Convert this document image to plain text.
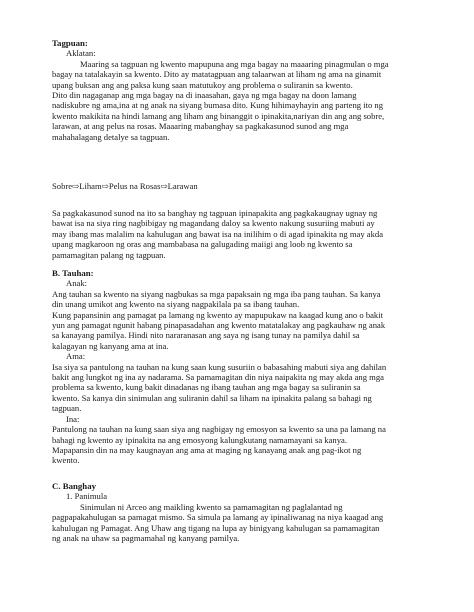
Tagpuan:
Aklatan:
Maaring sa tagpuan ng kwento mapupuna ang mga bagay na maaaring pinagmulan o mga
bagay na tatalakayin sa kwento. Dito ay matatagpuan ang talaarwan at liham ng ama na ginamit
upang buksan ang ang paksa kung saan matutukoy ang problema o suliranin sa kwento.
Dito din nagaganap ang mga bagay na di inaasahan, gaya ng mga bagay na doon lamang
nadiskubre ng ama,ina at ng anak na siyang bumasa dito. Kung hihimayhayin ang parteng ito ng
kwento makikita na hindi lamang ang liham ang binanggit o ipinakita,nariyan din ang ang sobre,
larawan, at ang pelus na rosas. Maaaring mabanghay sa pagkakasunod sunod ang mga
mahahalagang detalye sa tagpuan.
Sobre⇨Liham⇨Pelus na Rosas⇨Larawan
Sa pagkakasunod sunod na ito sa banghay ng tagpuan ipinapakita ang pagkakaugnay ugnay ng
bawat isa na siya ring nagbibigay ng magandang daloy sa kwento nakung susuriing mabuti ay
may ibang mas malalim na kahulugan ang bawat isa na inilihim o di agad ipinakita ng may akda
upang magkaroon ng oras ang mambabasa na galugading maiigi ang loob ng kwento sa
pamamagitan palang ng tagpuan.
B. Tauhan:
Anak:
Ang tauhan sa kwento na siyang nagbukas sa mga papaksain ng mga iba pang tauhan. Sa kanya
din unang umikot ang kwento na siyang nagpakilala pa sa ibang tauhan.
Kung papansinin ang pamagat pa lamang ng kwento ay mapupukaw na kaagad kung ano o bakit
yun ang pamagat ngunit habang pinapasadahan ang kwento matatalakay ang pagkauhaw ng anak
sa kanayang pamilya. Hindi nito nararanasan ang saya ng isang tunay na pamilya dahil sa
kalagayan ng kanyang ama at ina.
Ama:
Isa siya sa pantulong na tauhan na kung saan kung susuriin o babasahing mabuti siya ang dahilan
bakit ang lungkot ng ina ay nadarama. Sa pamamagitan din niya naipakita ng may akda ang mga
problema sa kwento, kung bakit dinadanas ng ibang tauhan ang mga bagay sa suliranin sa
kwento. Sa kanya din sinimulan ang suliranin dahil sa liham na ipinakita palang sa bahagi ng
tagpuan.
Ina:
Pantulong na tauhan na kung saan siya ang nagbigay ng emosyon sa kwento sa una pa lamang na
bahagi ng kwento ay ipinakita na ang emosyong kalungkutang namamayani sa kanya.
Mapapansin din na may kaugnayan ang ama at maging ng kanayang anak ang pag-ikot ng
kwento.
C. Banghay
1. Panimula
Sinimulan ni Arceo ang maikling kwento sa pamamagitan ng paglalantad ng
pagpapakahulugan sa pamagat mismo. Sa simula pa lamang ay ipinaliwanag na niya kaagad ang
kahulugan ng Pamagat. Ang Uhaw ang tigang na lupa ay binigyang kahulugan sa pamamagitan
ng anak na uhaw sa pagmamahal ng kanyang pamilya.
